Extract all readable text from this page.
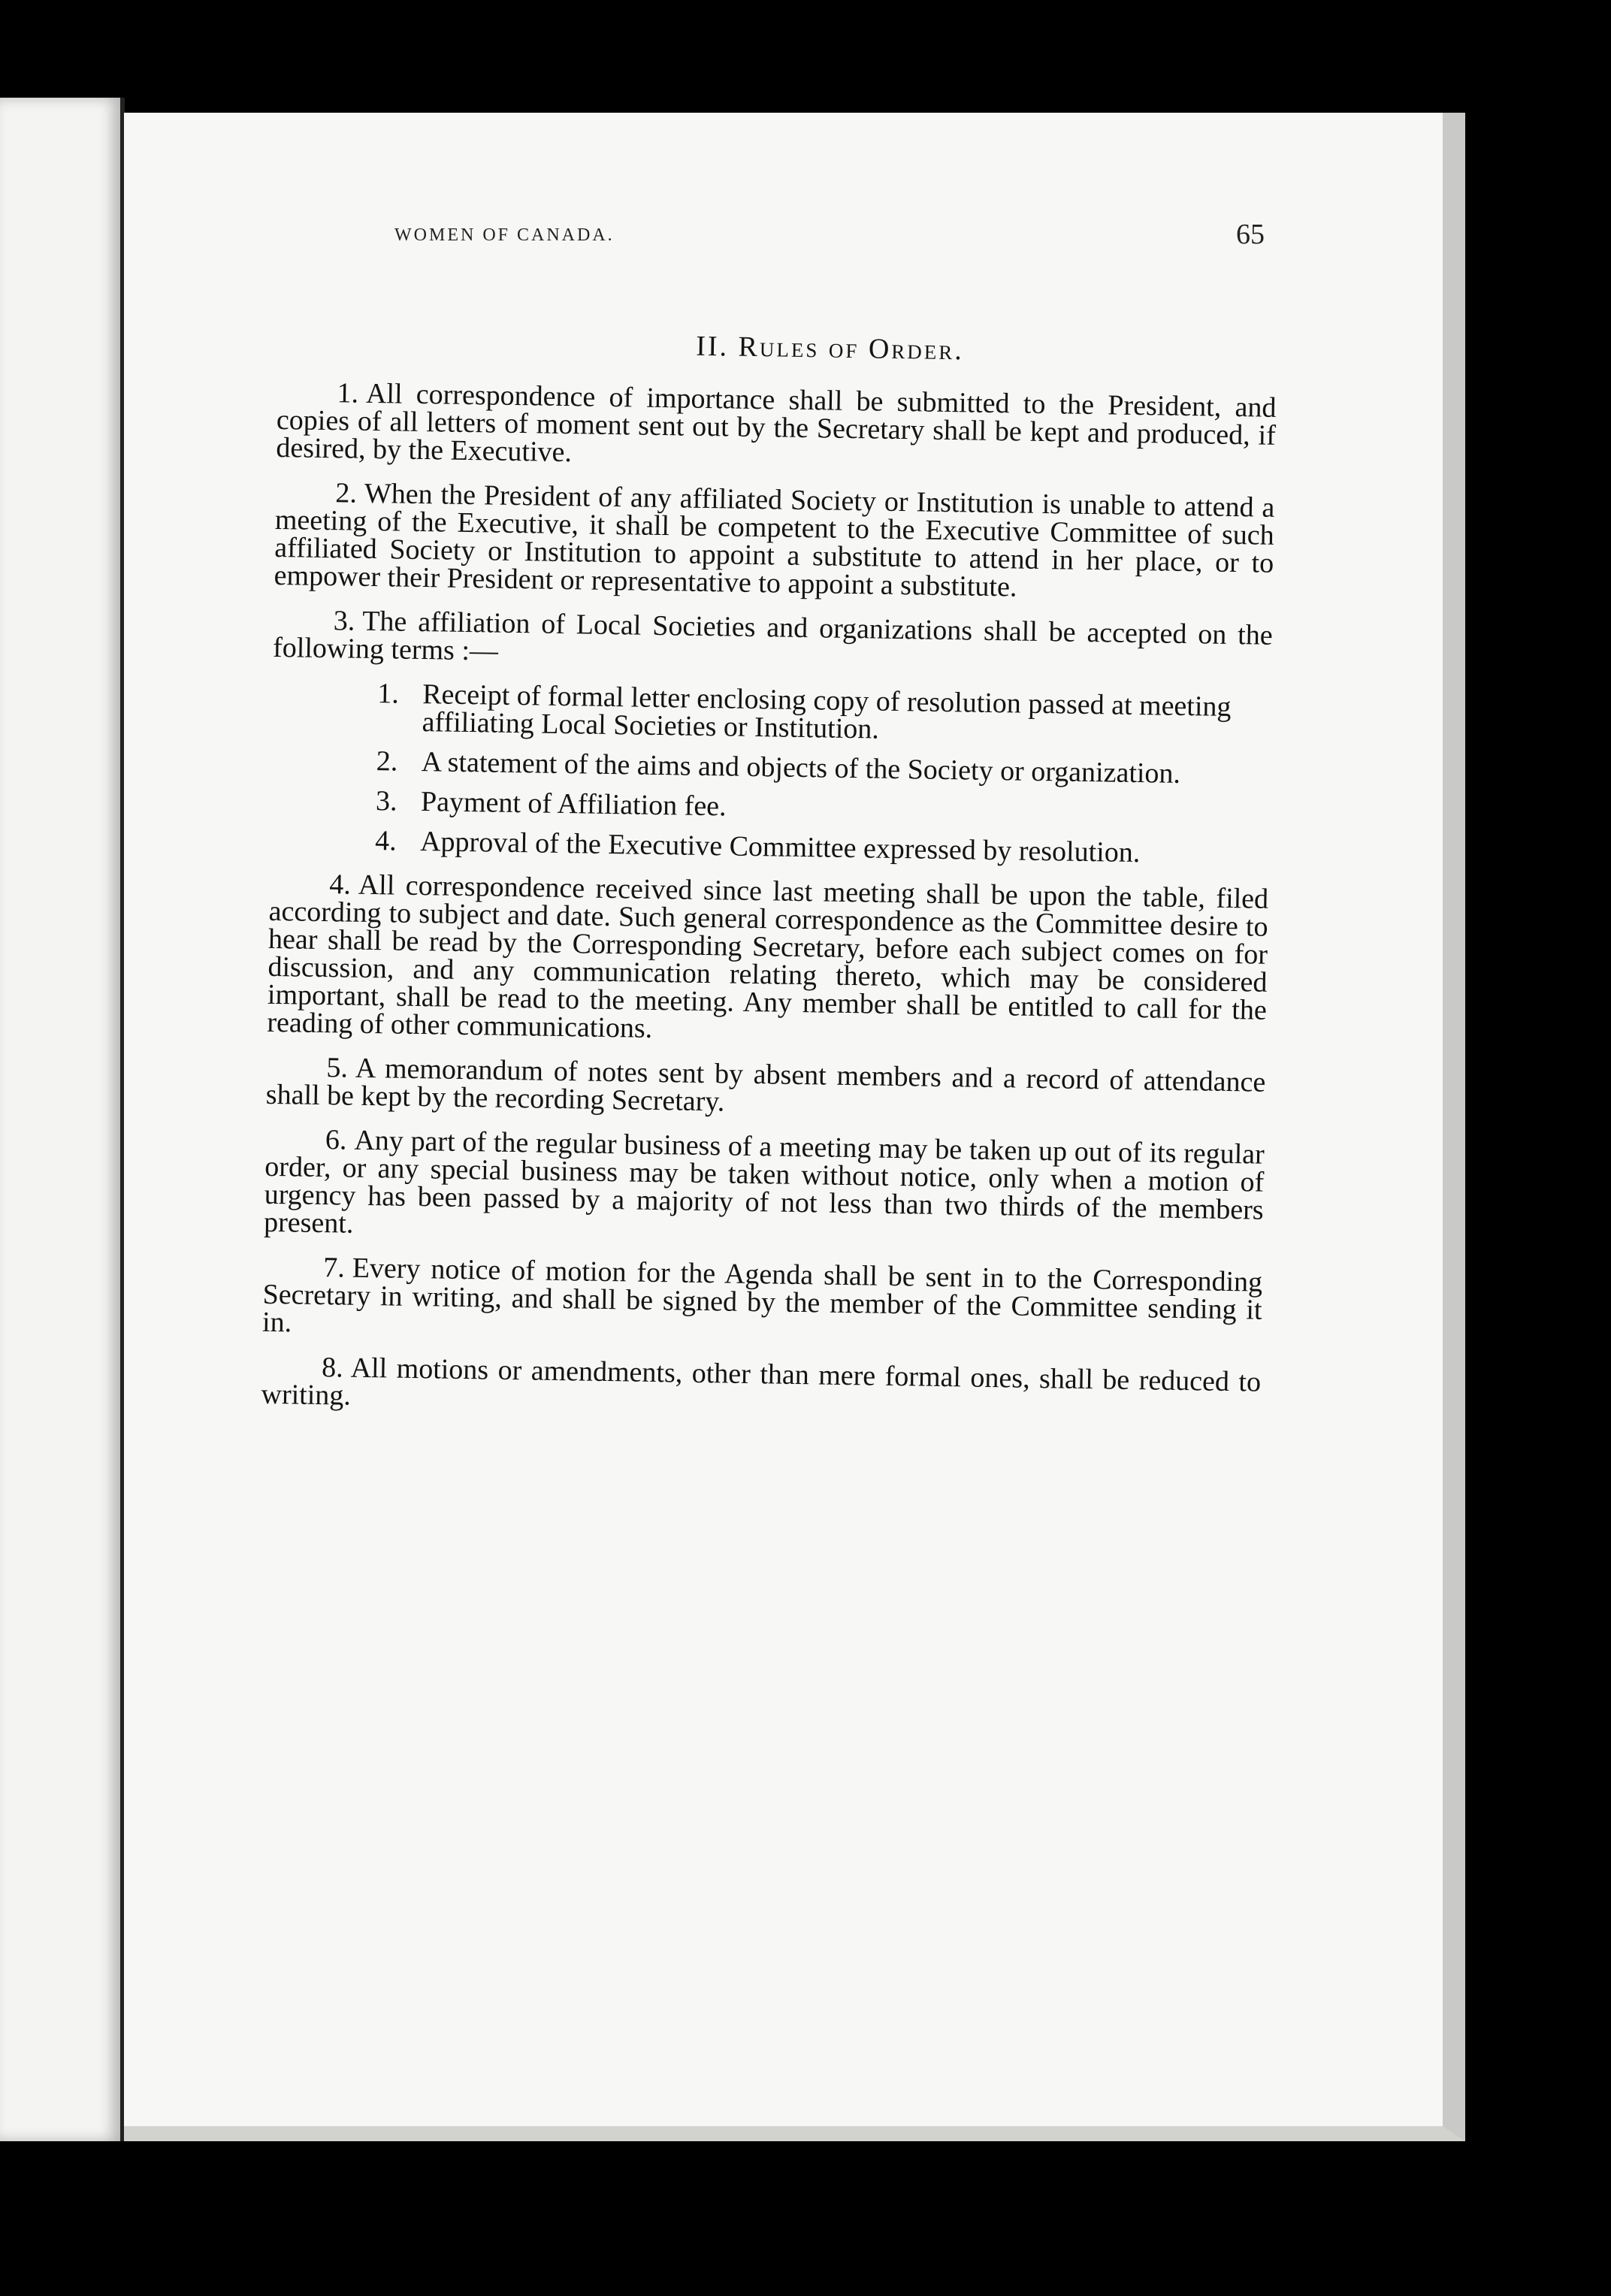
WOMEN OF CANADA.	65
II. Rules of Order.

1. All correspondence of importance shall be submitted to the President, and copies of all letters of moment sent out by the Secretary shall be kept and produced, if desired, by the Executive.

2. When the President of any affiliated Society or Institution is unable to attend a meeting of the Executive, it shall be competent to the Executive Committee of such affiliated Society or Institution to appoint a substitute to attend in her place, or to empower their President or representative to appoint a substitute.

3. The affiliation of Local Societies and organizations shall be accepted on the following terms :—

1. Receipt of formal letter enclosing copy of resolution passed at meeting affiliating Local Societies or Institution.
2. A statement of the aims and objects of the Society or organization.
3. Payment of Affiliation fee.
4. Approval of the Executive Committee expressed by resolution.

4. All correspondence received since last meeting shall be upon the table, filed according to subject and date. Such general correspondence as the Committee desire to hear shall be read by the Corresponding Secretary, before each subject comes on for discussion, and any communication relating thereto, which may be considered important, shall be read to the meeting. Any member shall be entitled to call for the reading of other communications.

5. A memorandum of notes sent by absent members and a record of attendance shall be kept by the recording Secretary.

6. Any part of the regular business of a meeting may be taken up out of its regular order, or any special business may be taken without notice, only when a motion of urgency has been passed by a majority of not less than two thirds of the members present.

7. Every notice of motion for the Agenda shall be sent in to the Corresponding Secretary in writing, and shall be signed by the member of the Committee sending it in.

8. All motions or amendments, other than mere formal ones, shall be reduced to writing.
